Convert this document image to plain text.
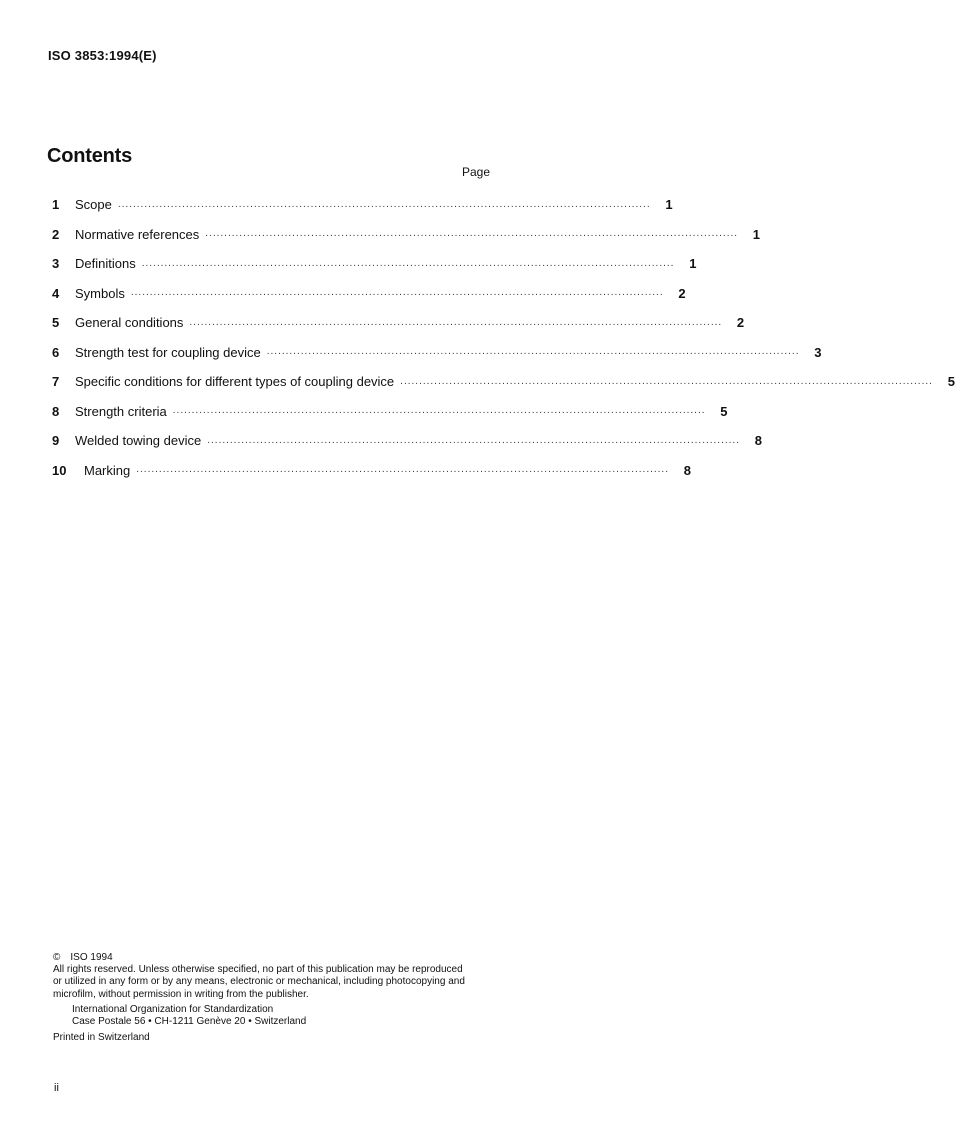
ISO 3853:1994(E)
Contents
Page
1	Scope .............................................................................................................................................	1
2	Normative references .............................................................................................................................................	1
3	Definitions .............................................................................................................................................	1
4	Symbols .............................................................................................................................................	2
5	General conditions .............................................................................................................................................	2
6	Strength test for coupling device .............................................................................................................................................	3
7	Specific conditions for different types of coupling device .............................................................................................................................................	5
8	Strength criteria .............................................................................................................................................	5
9	Welded towing device .............................................................................................................................................	8
10	Marking .............................................................................................................................................	8
© ISO 1994
All rights reserved. Unless otherwise specified, no part of this publication may be reproduced
or utilized in any form or by any means, electronic or mechanical, including photocopying and
microfilm, without permission in writing from the publisher.
International Organization for Standardization
Case Postale 56 • CH-1211 Genève 20 • Switzerland
Printed in Switzerland
ii
